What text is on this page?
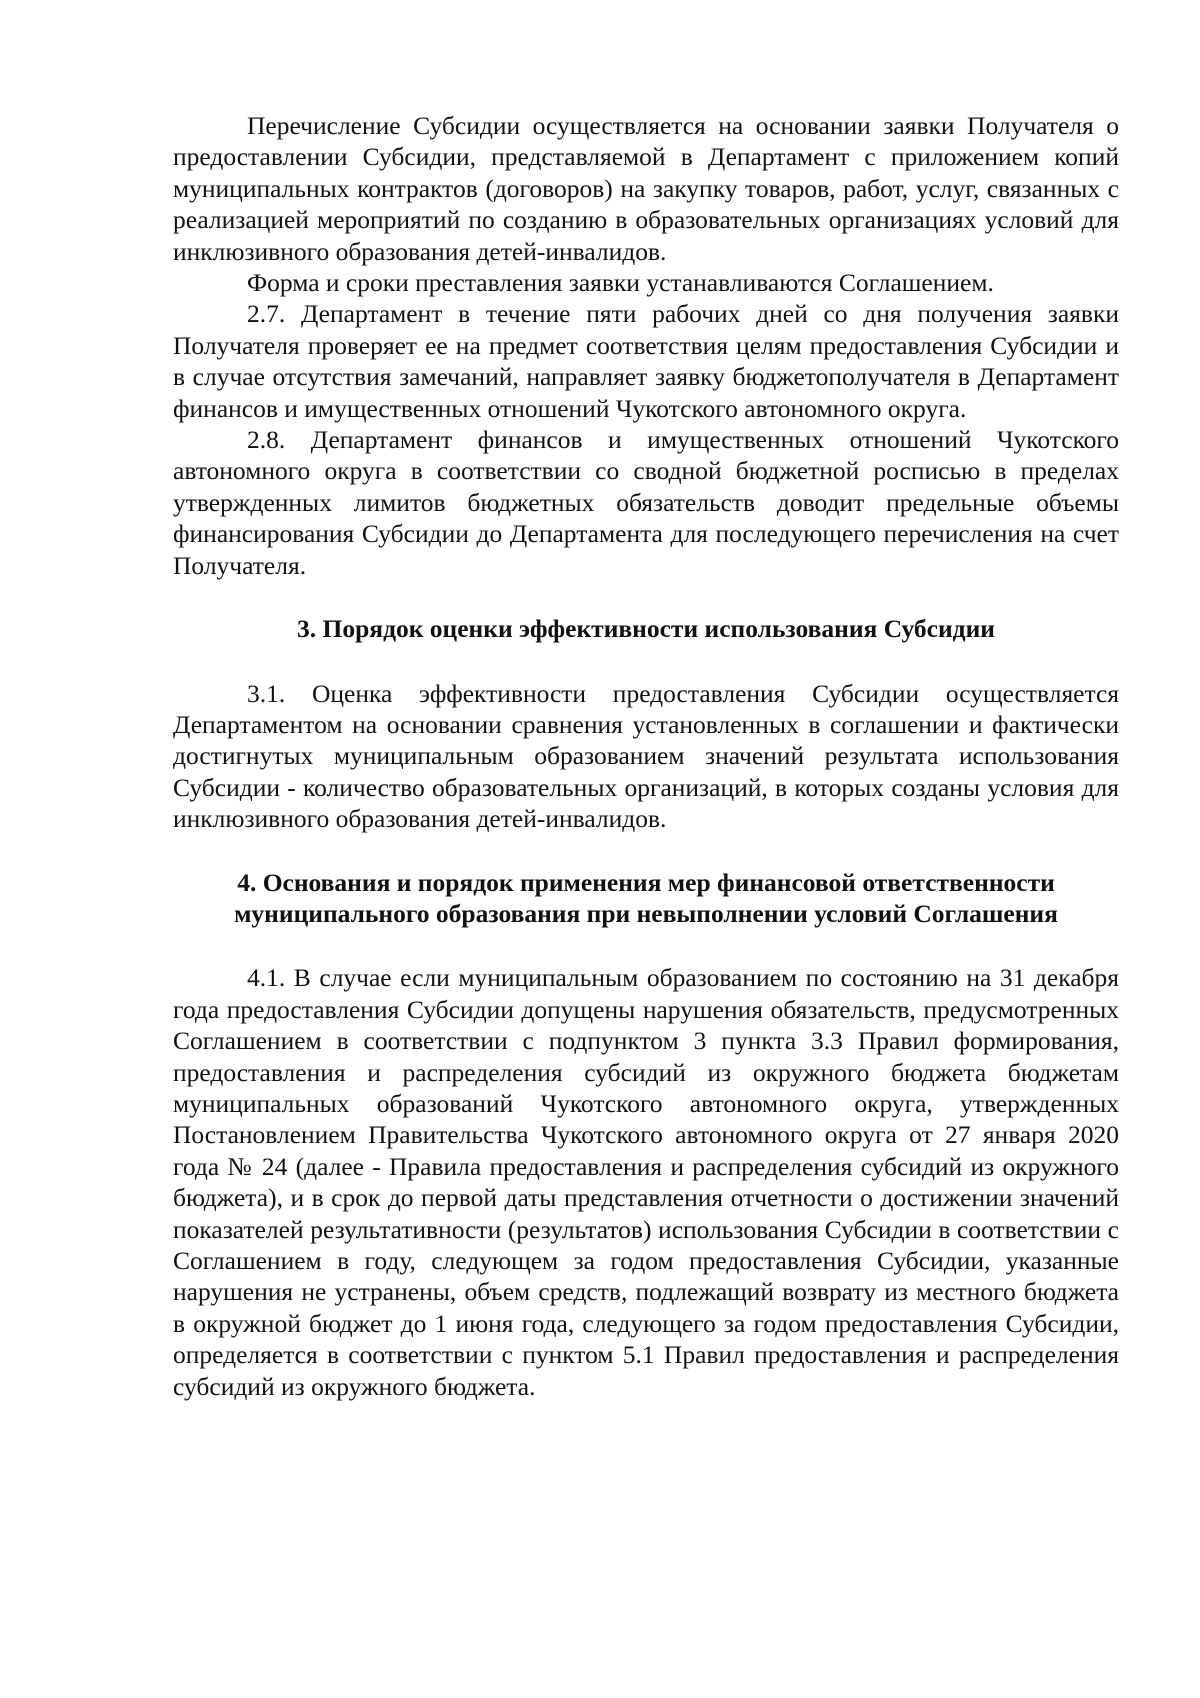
Перечисление Субсидии осуществляется на основании заявки Получателя о предоставлении Субсидии, представляемой в Департамент с приложением копий муниципальных контрактов (договоров) на закупку товаров, работ, услуг, связанных с реализацией мероприятий по созданию в образовательных организациях условий для инклюзивного образования детей-инвалидов.

Форма и сроки преставления заявки устанавливаются Соглашением.

2.7. Департамент в течение пяти рабочих дней со дня получения заявки Получателя проверяет ее на предмет соответствия целям предоставления Субсидии и в случае отсутствия замечаний, направляет заявку бюджетополучателя в Департамент финансов и имущественных отношений Чукотского автономного округа.

2.8. Департамент финансов и имущественных отношений Чукотского автономного округа в соответствии со сводной бюджетной росписью в пределах утвержденных лимитов бюджетных обязательств доводит предельные объемы финансирования Субсидии до Департамента для последующего перечисления на счет Получателя.

3. Порядок оценки эффективности использования Субсидии

3.1. Оценка эффективности предоставления Субсидии осуществляется Департаментом на основании сравнения установленных в соглашении и фактически достигнутых муниципальным образованием значений результата использования Субсидии - количество образовательных организаций, в которых созданы условия для инклюзивного образования детей-инвалидов.

4. Основания и порядок применения мер финансовой ответственности

муниципального образования при невыполнении условий Соглашения

4.1. В случае если муниципальным образованием по состоянию на 31 декабря года предоставления Субсидии допущены нарушения обязательств, предусмотренных Соглашением в соответствии с подпунктом 3 пункта 3.3 Правил формирования, предоставления и распределения субсидий из окружного бюджета бюджетам муниципальных образований Чукотского автономного округа, утвержденных Постановлением Правительства Чукотского автономного округа от 27 января 2020 года № 24 (далее - Правила предоставления и распределения субсидий из окружного бюджета), и в срок до первой даты представления отчетности о достижении значений показателей результативности (результатов) использования Субсидии в соответствии с Соглашением в году, следующем за годом предоставления Субсидии, указанные нарушения не устранены, объем средств, подлежащий возврату из местного бюджета в окружной бюджет до 1 июня года, следующего за годом предоставления Субсидии, определяется в соответствии с пунктом 5.1 Правил предоставления и распределения субсидий из окружного бюджета.
